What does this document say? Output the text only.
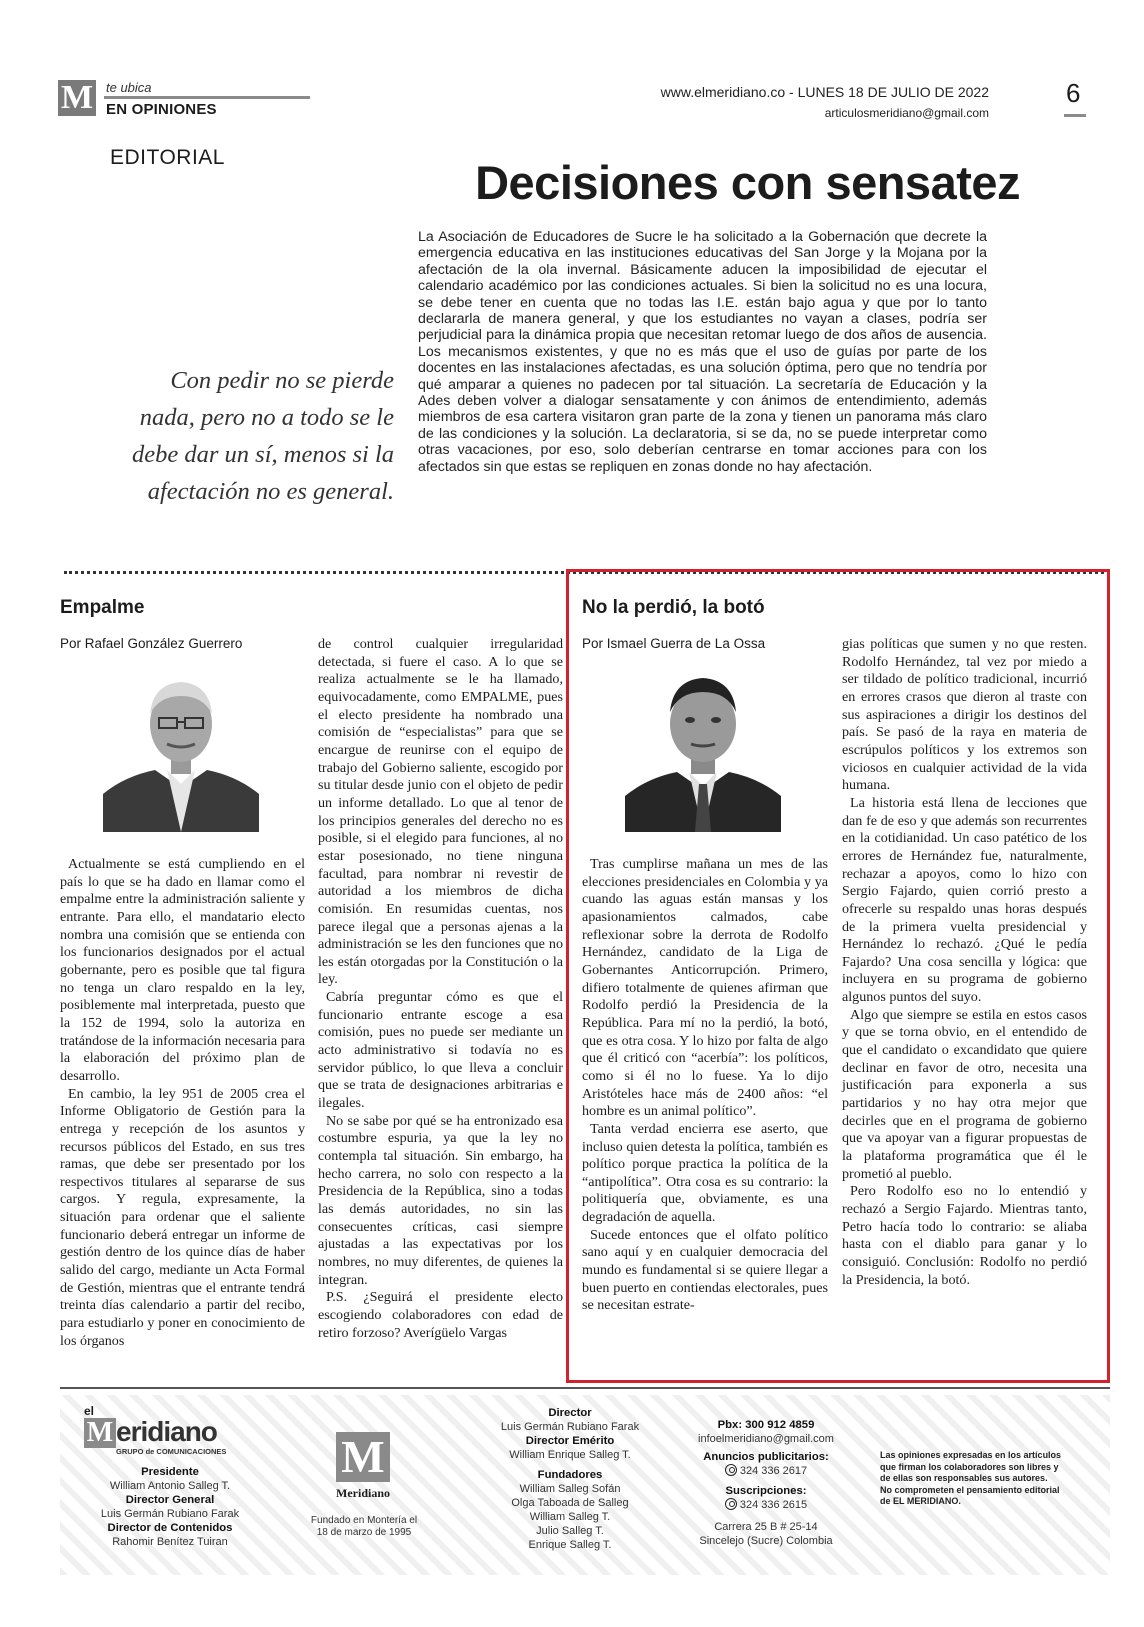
M te ubica
EN OPINIONES
www.elmeridiano.co - LUNES 18 DE JULIO DE 2022
articulosmeridiano@gmail.com
6
EDITORIAL	Decisiones con sensatez
Con pedir no se pierde nada, pero no a todo se le debe dar un sí, menos si la afectación no es general.
La Asociación de Educadores de Sucre le ha solicitado a la Gobernación que decrete la emergencia educativa en las instituciones educativas del San Jorge y la Mojana por la afectación de la ola invernal. Básicamente aducen la imposibilidad de ejecutar el calendario académico por las condiciones actuales. Si bien la solicitud no es una locura, se debe tener en cuenta que no todas las I.E. están bajo agua y que por lo tanto declararla de manera general, y que los estudiantes no vayan a clases, podría ser perjudicial para la dinámica propia que necesitan retomar luego de dos años de ausencia. Los mecanismos existentes, y que no es más que el uso de guías por parte de los docentes en las instalaciones afectadas, es una solución óptima, pero que no tendría por qué amparar a quienes no padecen por tal situación. La secretaría de Educación y la Ades deben volver a dialogar sensatamente y con ánimos de entendimiento, además miembros de esa cartera visitaron gran parte de la zona y tienen un panorama más claro de las condiciones y la solución. La declaratoria, si se da, no se puede interpretar como otras vacaciones, por eso, solo deberían centrarse en tomar acciones para con los afectados sin que estas se repliquen en zonas donde no hay afectación.
Empalme
Por Rafael González Guerrero

Actualmente se está cumpliendo en el país lo que se ha dado en llamar como el empalme entre la administración saliente y entrante. Para ello, el mandatario electo nombra una comisión que se entienda con los funcionarios designados por el actual gobernante, pero es posible que tal figura no tenga un claro respaldo en la ley, posiblemente mal interpretada, puesto que la 152 de 1994, solo la autoriza en tratándose de la información necesaria para la elaboración del próximo plan de desarrollo.

En cambio, la ley 951 de 2005 crea el Informe Obligatorio de Gestión para la entrega y recepción de los asuntos y recursos públicos del Estado, en sus tres ramas, que debe ser presentado por los respectivos titulares al separarse de sus cargos. Y regula, expresamente, la situación para ordenar que el saliente funcionario deberá entregar un informe de gestión dentro de los quince días de haber salido del cargo, mediante un Acta Formal de Gestión, mientras que el entrante tendrá treinta días calendario a partir del recibo, para estudiarlo y poner en conocimiento de los órganos

de control cualquier irregularidad detectada, si fuere el caso. A lo que se realiza actualmente se le ha llamado, equivocadamente, como EMPALME, pues el electo presidente ha nombrado una comisión de “especialistas” para que se encargue de reunirse con el equipo de trabajo del Gobierno saliente, escogido por su titular desde junio con el objeto de pedir un informe detallado. Lo que al tenor de los principios generales del derecho no es posible, si el elegido para funciones, al no estar posesionado, no tiene ninguna facultad, para nombrar ni revestir de autoridad a los miembros de dicha comisión. En resumidas cuentas, nos parece ilegal que a personas ajenas a la administración se les den funciones que no les están otorgadas por la Constitución o la ley.

Cabría preguntar cómo es que el funcionario entrante escoge a esa comisión, pues no puede ser mediante un acto administrativo si todavía no es servidor público, lo que lleva a concluir que se trata de designaciones arbitrarias e ilegales.

No se sabe por qué se ha entronizado esa costumbre espuria, ya que la ley no contempla tal situación. Sin embargo, ha hecho carrera, no solo con respecto a la Presidencia de la República, sino a todas las demás autoridades, no sin las consecuentes críticas, casi siempre ajustadas a las expectativas por los nombres, no muy diferentes, de quienes la integran.

P.S. ¿Seguirá el presidente electo escogiendo colaboradores con edad de retiro forzoso? Averígüelo Vargas

No la perdió, la botó
Por Ismael Guerra de La Ossa

Tras cumplirse mañana un mes de las elecciones presidenciales en Colombia y ya cuando las aguas están mansas y los apasionamientos calmados, cabe reflexionar sobre la derrota de Rodolfo Hernández, candidato de la Liga de Gobernantes Anticorrupción. Primero, difiero totalmente de quienes afirman que Rodolfo perdió la Presidencia de la República. Para mí no la perdió, la botó, que es otra cosa. Y lo hizo por falta de algo que él criticó con “acerbía”: los políticos, como si él no lo fuese. Ya lo dijo Aristóteles hace más de 2400 años: “el hombre es un animal político”.

Tanta verdad encierra ese aserto, que incluso quien detesta la política, también es político porque practica la política de la “antipolítica”. Otra cosa es su contrario: la politiquería que, obviamente, es una degradación de aquella.

Sucede entonces que el olfato político sano aquí y en cualquier democracia del mundo es fundamental si se quiere llegar a buen puerto en contiendas electorales, pues se necesitan estrate-

gias políticas que sumen y no que resten. Rodolfo Hernández, tal vez por miedo a ser tildado de político tradicional, incurrió en errores crasos que dieron al traste con sus aspiraciones a dirigir los destinos del país. Se pasó de la raya en materia de escrúpulos políticos y los extremos son viciosos en cualquier actividad de la vida humana.

La historia está llena de lecciones que dan fe de eso y que además son recurrentes en la cotidianidad. Un caso patético de los errores de Hernández fue, naturalmente, rechazar a apoyos, como lo hizo con Sergio Fajardo, quien corrió presto a ofrecerle su respaldo unas horas después de la primera vuelta presidencial y Hernández lo rechazó. ¿Qué le pedía Fajardo? Una cosa sencilla y lógica: que incluyera en su programa de gobierno algunos puntos del suyo.

Algo que siempre se estila en estos casos y que se torna obvio, en el entendido de que el candidato o excandidato que quiere declinar en favor de otro, necesita una justificación para exponerla a sus partidarios y no hay otra mejor que decirles que en el programa de gobierno que va apoyar van a figurar propuestas de la plataforma programática que él le prometió al pueblo.

Pero Rodolfo eso no lo entendió y rechazó a Sergio Fajardo. Mientras tanto, Petro hacía todo lo contrario: se aliaba hasta con el diablo para ganar y lo consiguió. Conclusión: Rodolfo no perdió la Presidencia, la botó.

el
M eridiano
GRUPO de COMUNICACIONES
Presidente
William Antonio Salleg T.
Director General
Luis Germán Rubiano Farak
Director de Contenidos
Rahomir Benítez Tuiran
M
Meridiano
Fundado en Montería el 18 de marzo de 1995
Director
Luis Germán Rubiano Farak
Director Emérito
William Enrique Salleg T.
Fundadores
William Salleg Sofán
Olga Taboada de Salleg
William Salleg T.
Julio Salleg T.
Enrique Salleg T.
Pbx: 300 912 4859
infoelmeridiano@gmail.com
Anuncios publicitarios:
324 336 2617
Suscripciones:
324 336 2615
Carrera 25 B # 25-14
Sincelejo (Sucre) Colombia
Las opiniones expresadas en los artículos que firman los colaboradores son libres y de ellas son responsables sus autores. No comprometen el pensamiento editorial de EL MERIDIANO.
